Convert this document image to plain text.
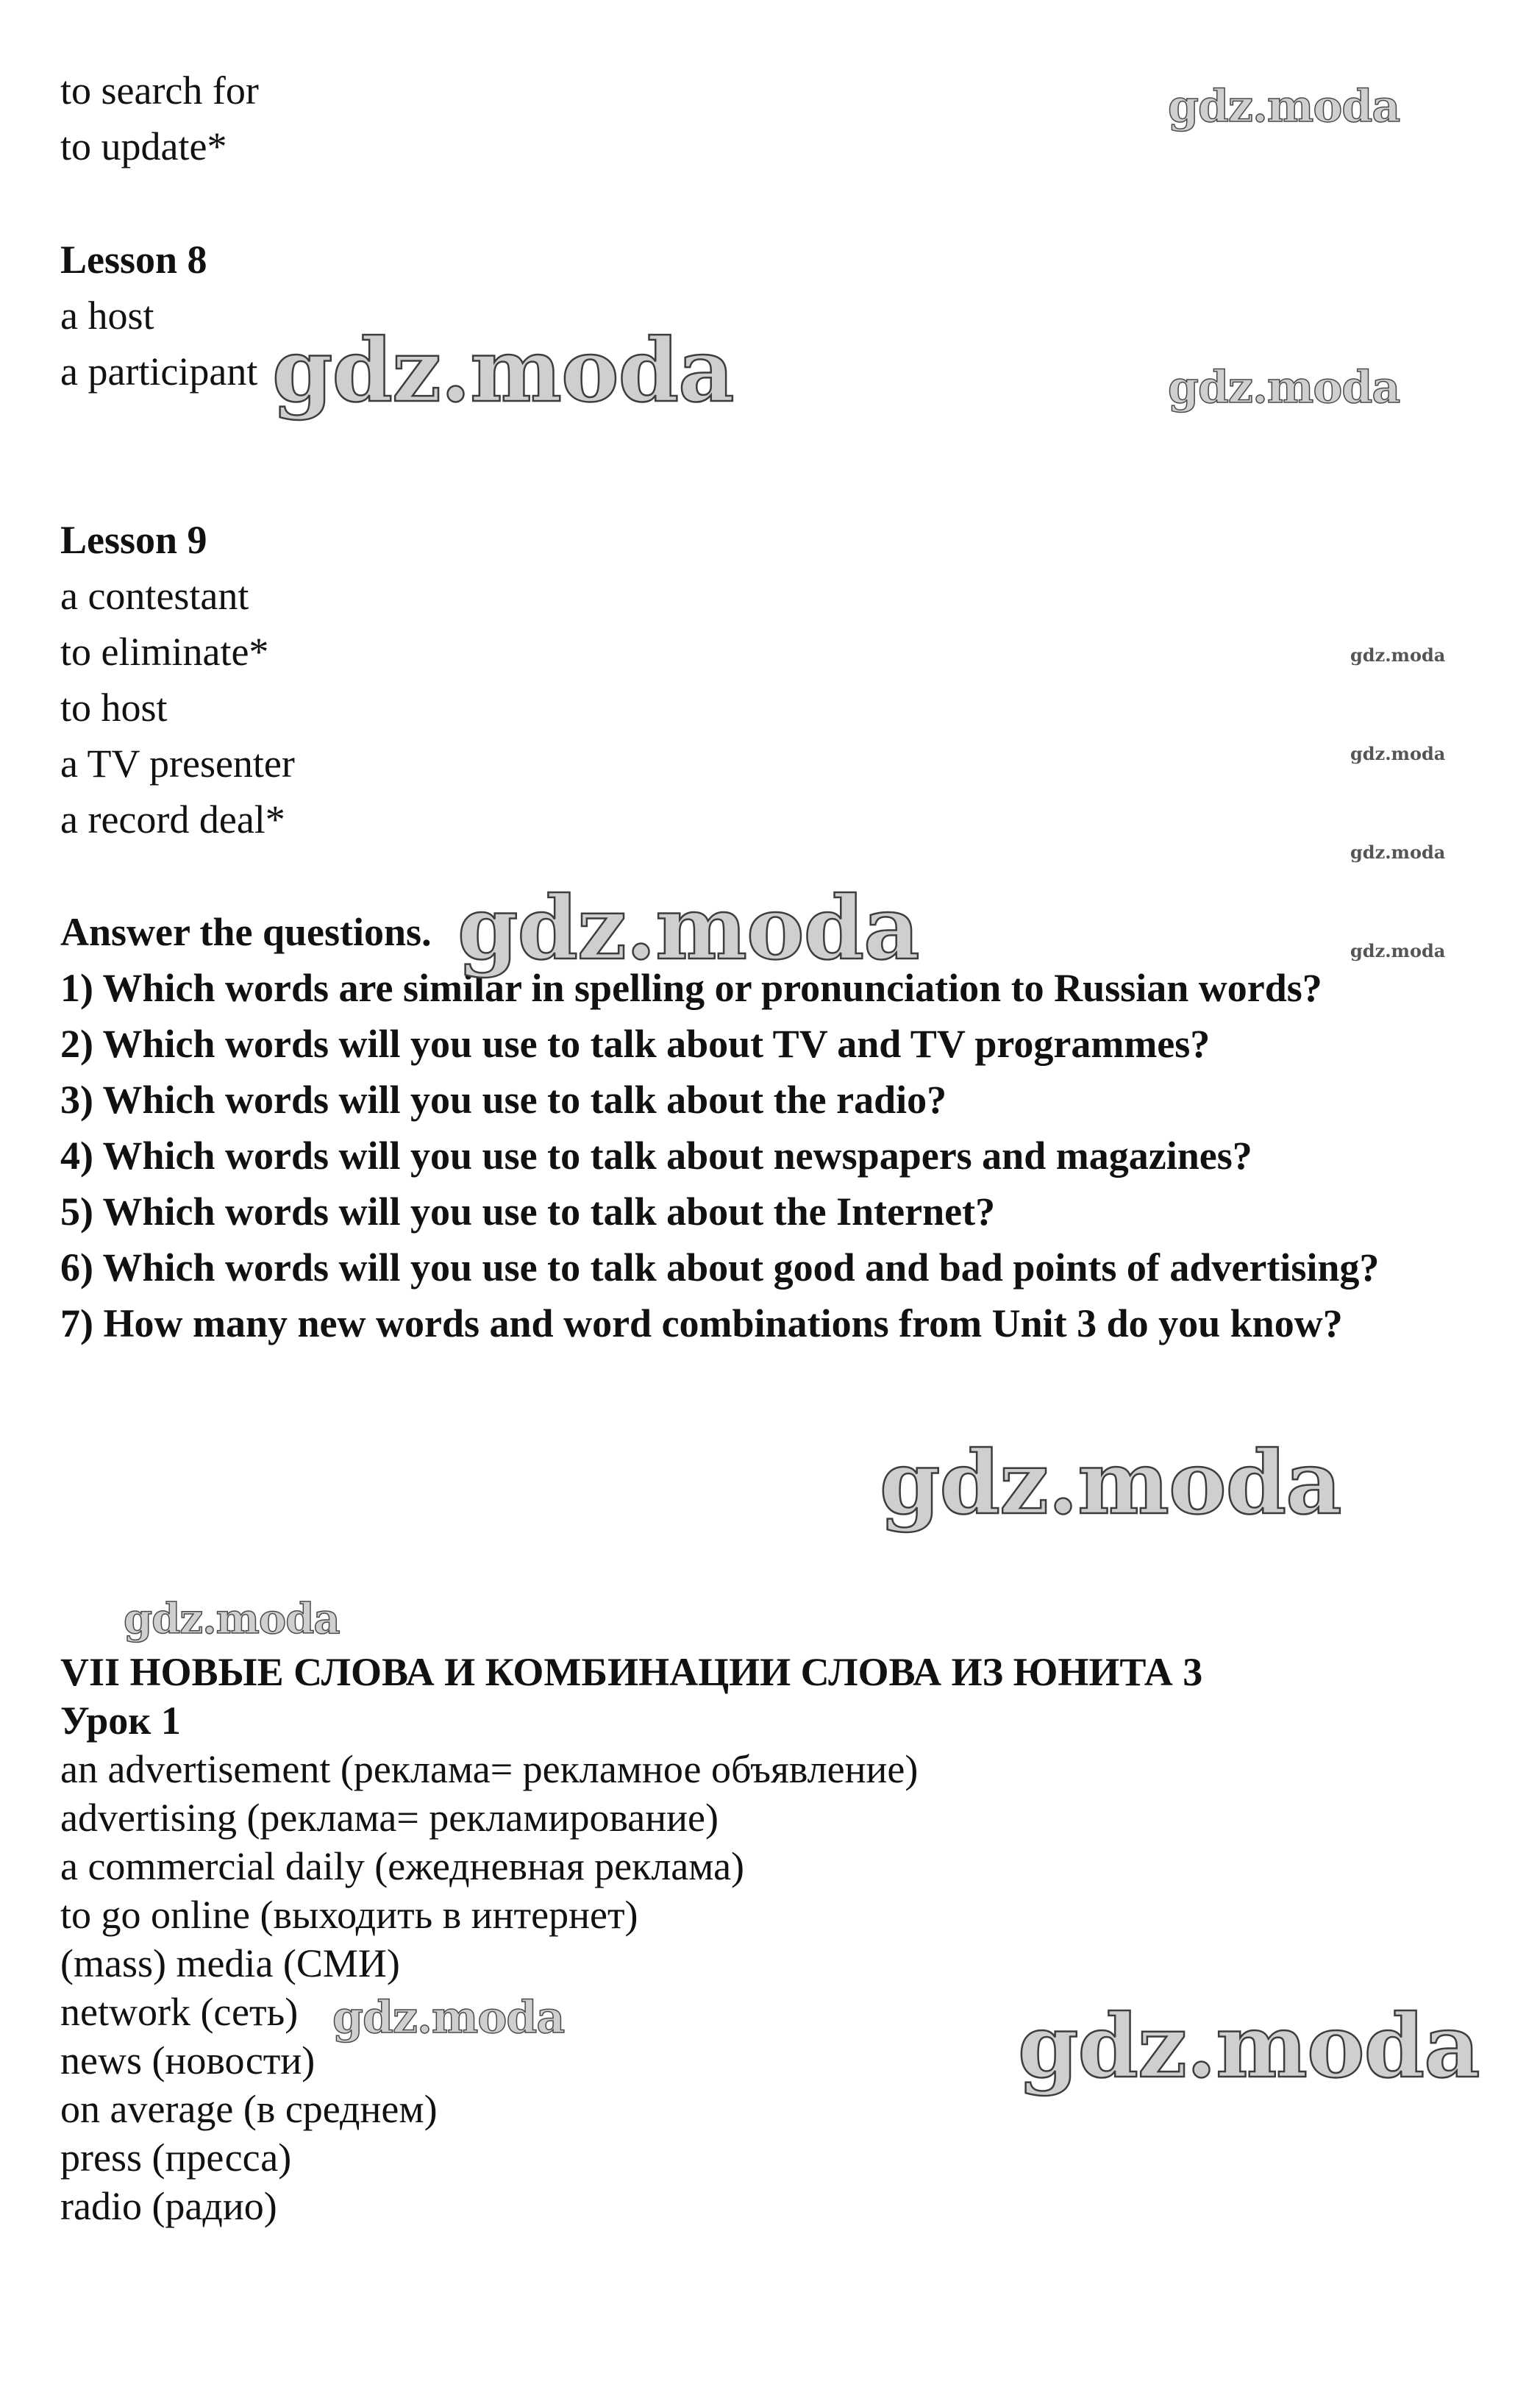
to search for

to update*

Lesson 8

a host

a participant

Lesson 9

a contestant

to eliminate*

to host

a TV presenter

a record deal*

Answer the questions.

1) Which words are similar in spelling or pronunciation to Russian words?

2) Which words will you use to talk about TV and TV programmes?

3) Which words will you use to talk about the radio?

4) Which words will you use to talk about newspapers and magazines?

5) Which words will you use to talk about the Internet?

6) Which words will you use to talk about good and bad points of advertising?

7) How many new words and word combinations from Unit 3 do you know?

VII НОВЫЕ СЛОВА И КОМБИНАЦИИ СЛОВА ИЗ ЮНИТА 3

Урок 1

an advertisement (реклама= рекламное объявление)

advertising (реклама= рекламирование)

a commercial daily (ежедневная реклама)

to go online (выходить в интернет)

(mass) media (СМИ)

network (сеть)

news (новости)

on average (в среднем)

press (пресса)

radio (радио)

gdz.moda
gdz.moda	gdz.moda
gdz.moda
gdz.moda
gdz.moda
gdz.moda
gdz.moda
gdz.moda
gdz.moda
gdz.moda	gdz.moda
